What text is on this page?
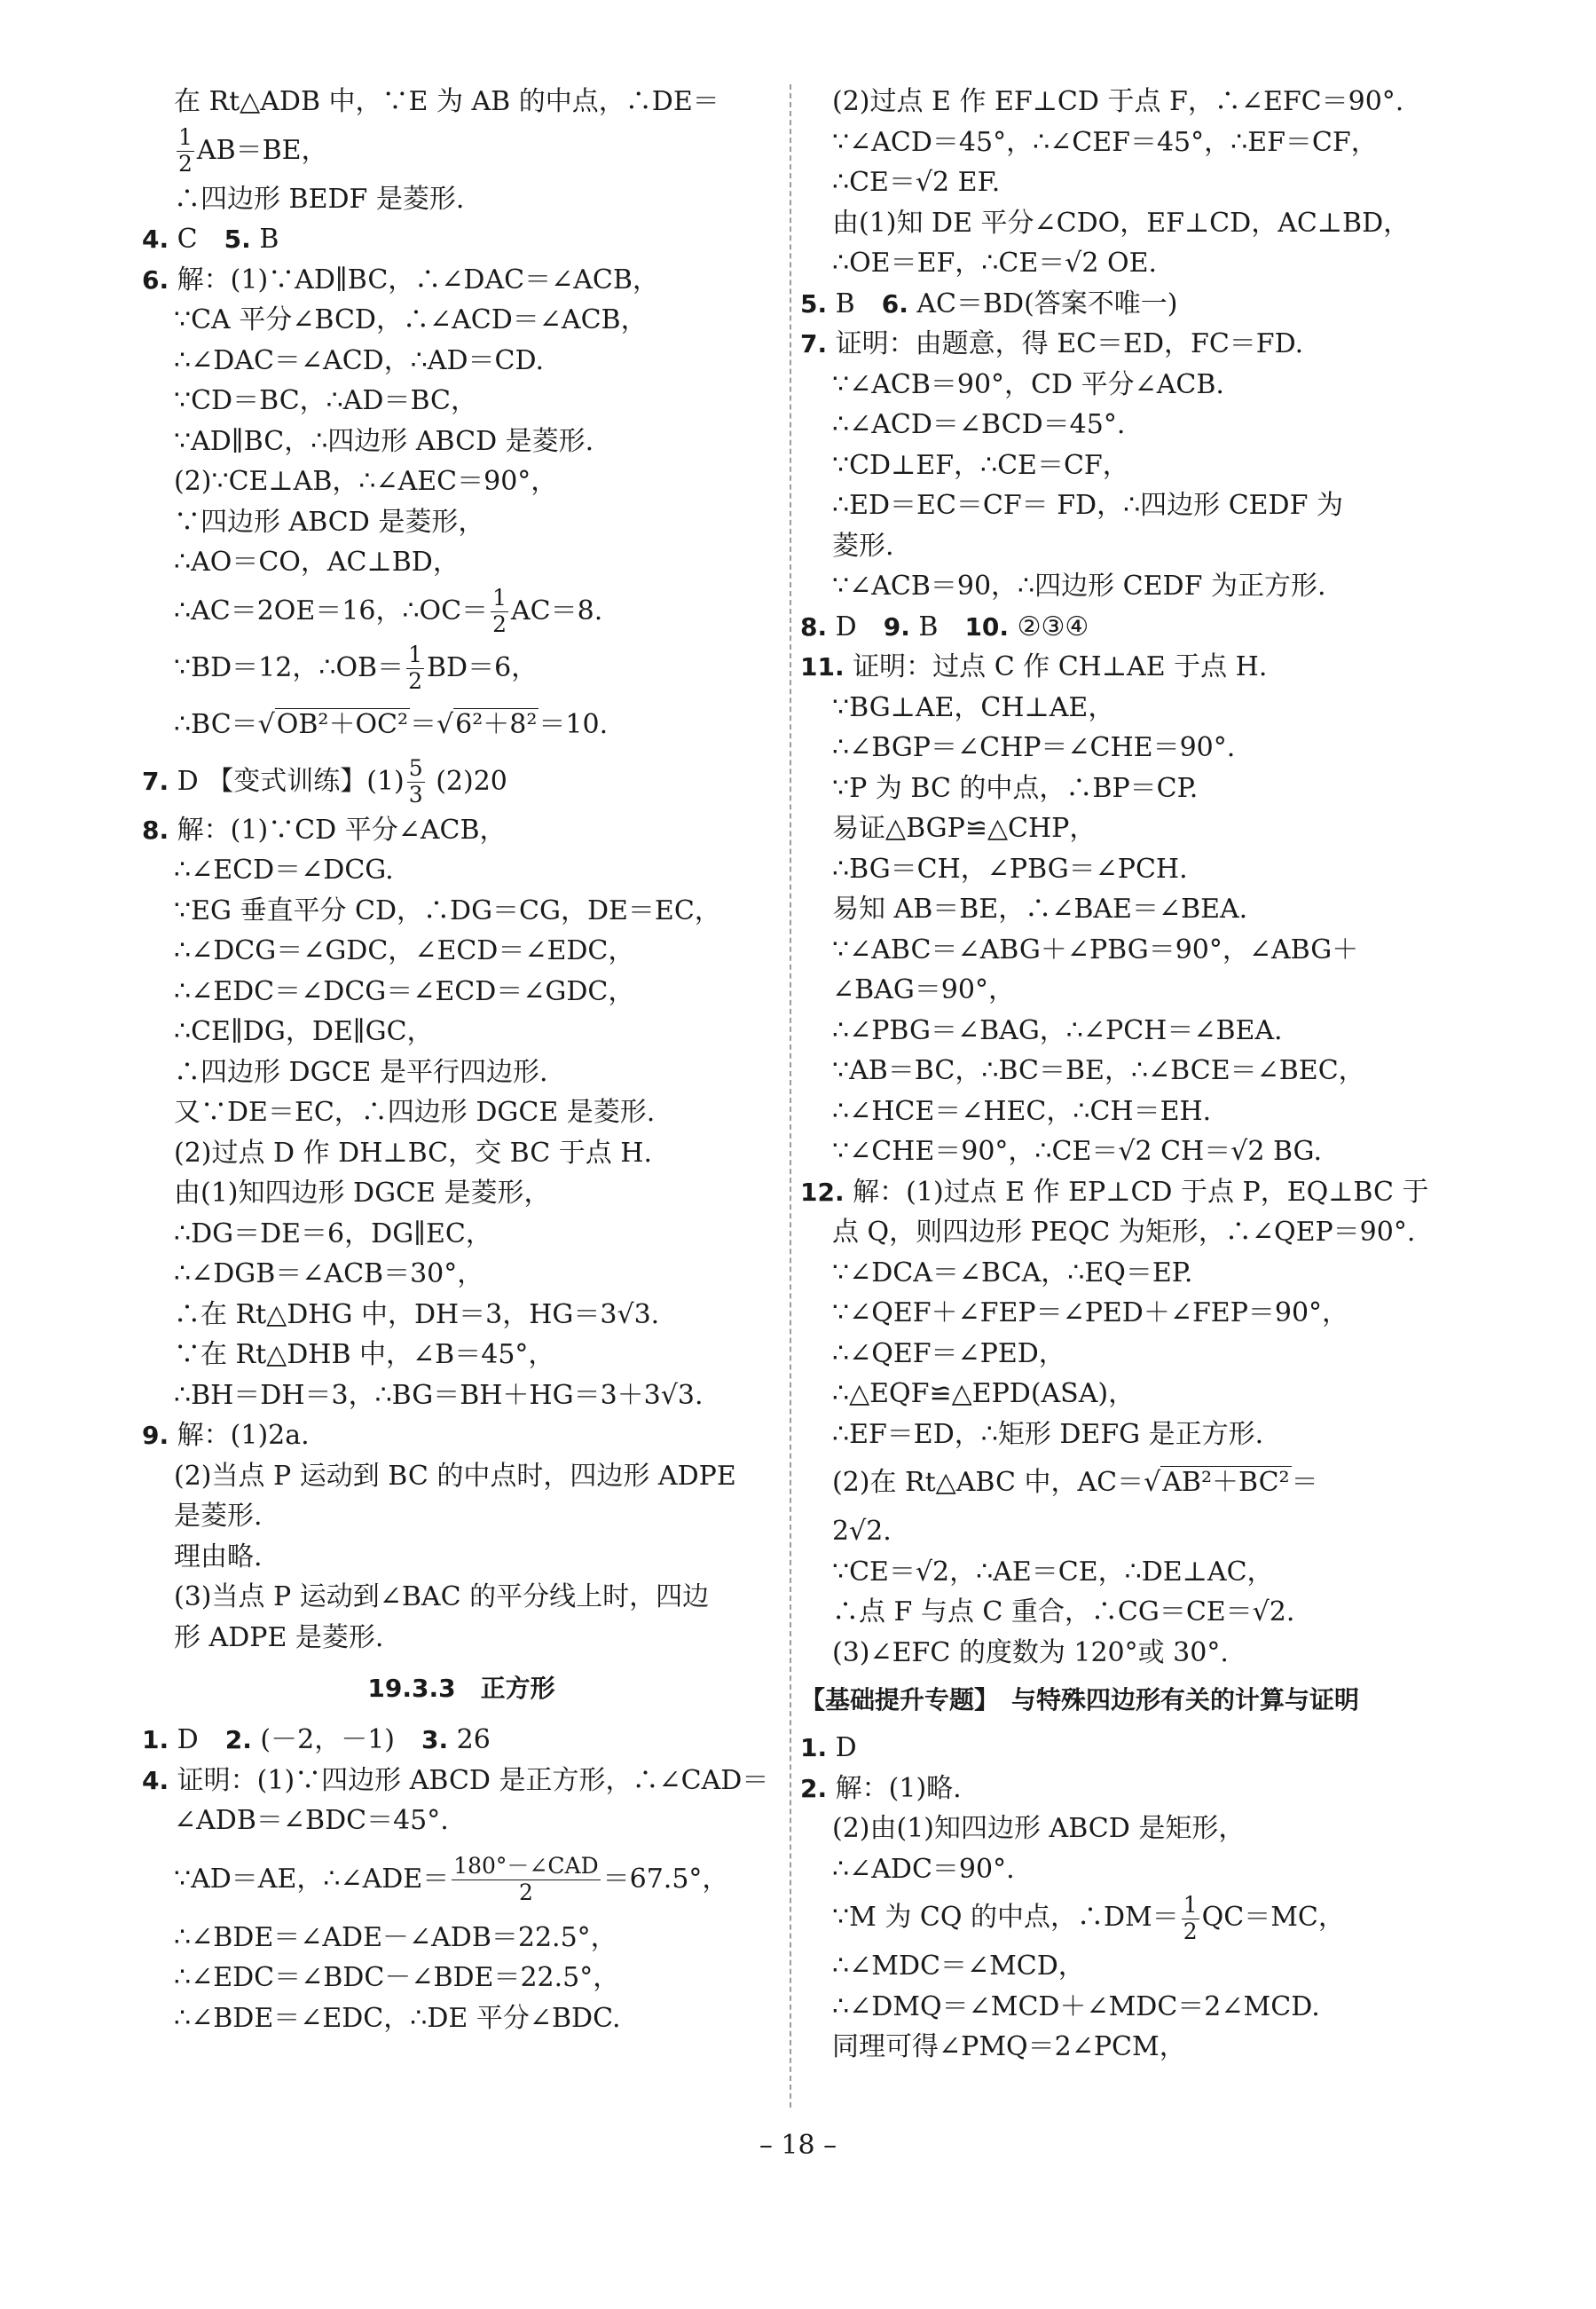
在 Rt△ADB 中，∵E 为 AB 的中点，∴DE＝
$\frac{1}{2} AB=BE$，
∴四边形 BEDF 是菱形.
4. C　 5. B
6. 解：(1)∵AD∥BC，∴∠DAC＝∠ACB，
∵CA 平分∠BCD，∴∠ACD＝∠ACB，
∴∠DAC＝∠ACD，∴AD＝CD.
∵CD＝BC，∴AD＝BC，
∵AD∥BC，∴四边形 ABCD 是菱形.
(2)∵CE⊥AB，∴∠AEC＝90°，
∵四边形 ABCD 是菱形，
∴AO＝CO，AC⊥BD，
∴AC＝2OE＝16，∴OC＝ $\frac{1}{2} AC=8$.
∵BD＝12，∴OB＝ $\frac{1}{2} BD=6$，
∴BC＝√OB²＋OC²＝√6²＋8²＝10.
7. D 【变式训练】$(1) \frac{5}{3} (2)20$
8. 解：(1)∵CD 平分∠ACB，
∴∠ECD＝∠DCG.
∵EG 垂直平分 CD，∴DG＝CG，DE＝EC，
∴∠DCG＝∠GDC，∠ECD＝∠EDC，
∴∠EDC＝∠DCG＝∠ECD＝∠GDC，
∴CE∥DG，DE∥GC，
∴四边形 DGCE 是平行四边形.
又∵DE＝EC，∴四边形 DGCE 是菱形.
(2)过点 D 作 DH⊥BC，交 BC 于点 H.
由(1)知四边形 DGCE 是菱形，
∴DG＝DE＝6，DG∥EC，
∴∠DGB＝∠ACB＝30°，
∴在 Rt△DHG 中，DH＝3，HG＝3√3.
∵在 Rt△DHB 中，∠B＝45°，
∴BH＝DH＝3，∴BG＝BH＋HG＝3＋3√3.
9. 解：(1)2a.
(2)当点 P 运动到 BC 的中点时，四边形 ADPE
是菱形.
理由略.
(3)当点 P 运动到∠BAC 的平分线上时，四边
形 ADPE 是菱形.
19.3.3　正方形
1. D　 2. (－2，－1)　 3. 26
4. 证明：(1)∵四边形 ABCD 是正方形，∴∠CAD＝
∠ADB＝∠BDC＝45°.
∵AD＝AE，∴∠ADE＝ $\frac{\text{180°－∠CAD}}{2} =67.5^\circ$，
∴∠BDE＝∠ADE－∠ADB＝22.5°，
∴∠EDC＝∠BDC－∠BDE＝22.5°，
∴∠BDE＝∠EDC，∴DE 平分∠BDC.
(2)过点 E 作 EF⊥CD 于点 F，∴∠EFC＝90°.
∵∠ACD＝45°，∴∠CEF＝45°，∴EF＝CF，
∴CE＝√2 EF.
由(1)知 DE 平分∠CDO，EF⊥CD，AC⊥BD，
∴OE＝EF，∴CE＝√2 OE.
5. B　 6. AC＝BD(答案不唯一)
7. 证明：由题意，得 EC＝ED，FC＝FD.
∵∠ACB＝90°，CD 平分∠ACB.
∴∠ACD＝∠BCD＝45°.
∵CD⊥EF，∴CE＝CF，
∴ED＝EC＝CF＝ FD，∴四边形 CEDF 为
菱形.
∵∠ACB＝90，∴四边形 CEDF 为正方形.
8. D　 9. B　 10. ②③④
11. 证明：过点 C 作 CH⊥AE 于点 H.
∵BG⊥AE，CH⊥AE，
∴∠BGP＝∠CHP＝∠CHE＝90°.
∵P 为 BC 的中点，∴BP＝CP.
易证△BGP≌△CHP，
∴BG＝CH，∠PBG＝∠PCH.
易知 AB＝BE，∴∠BAE＝∠BEA.
∵∠ABC＝∠ABG＋∠PBG＝90°，∠ABG＋
∠BAG＝90°，
∴∠PBG＝∠BAG，∴∠PCH＝∠BEA.
∵AB＝BC，∴BC＝BE，∴∠BCE＝∠BEC，
∴∠HCE＝∠HEC，∴CH＝EH.
∵∠CHE＝90°，∴CE＝√2 CH＝√2 BG.
12. 解：(1)过点 E 作 EP⊥CD 于点 P，EQ⊥BC 于
点 Q，则四边形 PEQC 为矩形，∴∠QEP＝90°.
∵∠DCA＝∠BCA，∴EQ＝EP.
∵∠QEF＋∠FEP＝∠PED＋∠FEP＝90°，
∴∠QEF＝∠PED，
∴△EQF≌△EPD(ASA)，
∴EF＝ED，∴矩形 DEFG 是正方形.
(2)在 Rt△ABC 中，AC＝√AB²＋BC²＝
2√2.
∵CE＝√2，∴AE＝CE，∴DE⊥AC，
∴点 F 与点 C 重合，∴CG＝CE＝√2.
(3)∠EFC 的度数为 120°或 30°.
【基础提升专题】　与特殊四边形有关的计算与证明
1. D
2. 解：(1)略.
(2)由(1)知四边形 ABCD 是矩形，
∴∠ADC＝90°.
∵M 为 CQ 的中点，∴DM＝ $\frac{1}{2} QC=MC$，
∴∠MDC＝∠MCD，
∴∠DMQ＝∠MCD＋∠MDC＝2∠MCD.
同理可得∠PMQ＝2∠PCM，
– 18 –
